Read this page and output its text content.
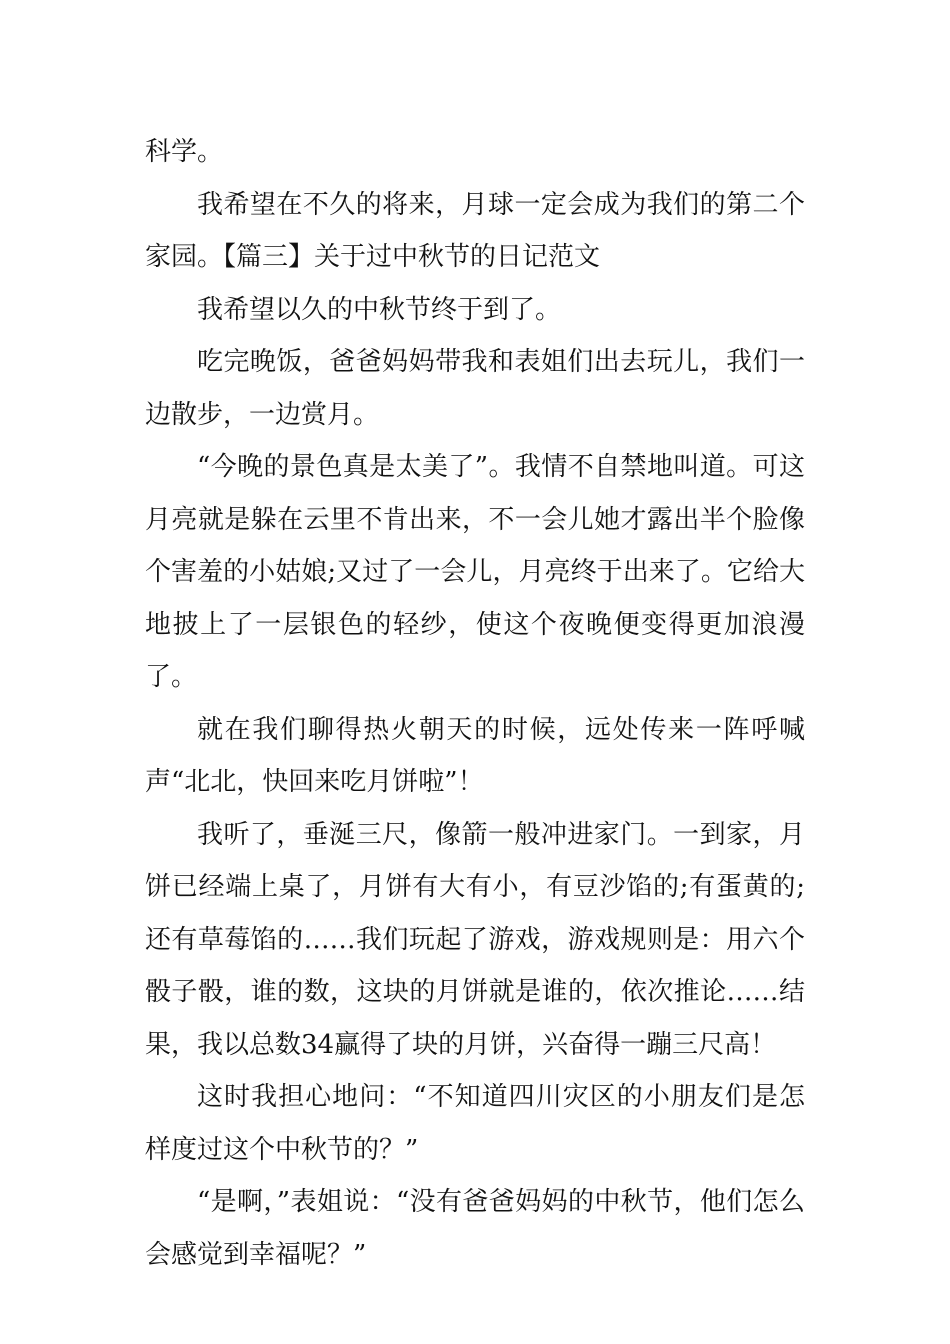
科学。

我希望在不久的将来，月球一定会成为我们的第二个家园。【篇三】关于过中秋节的日记范文

我希望以久的中秋节终于到了。

吃完晚饭，爸爸妈妈带我和表姐们出去玩儿，我们一边散步，一边赏月。

“今晚的景色真是太美了”。我情不自禁地叫道。可这月亮就是躲在云里不肯出来，不一会儿她才露出半个脸像个害羞的小姑娘;又过了一会儿，月亮终于出来了。它给大地披上了一层银色的轻纱，使这个夜晚便变得更加浪漫了。

就在我们聊得热火朝天的时候，远处传来一阵呼喊声“北北，快回来吃月饼啦”！

我听了，垂涎三尺，像箭一般冲进家门。一到家，月饼已经端上桌了，月饼有大有小，有豆沙馅的;有蛋黄的;还有草莓馅的……我们玩起了游戏，游戏规则是：用六个骰子骰，谁的数，这块的月饼就是谁的，依次推论……结果，我以总数34赢得了块的月饼，兴奋得一蹦三尺高！

这时我担心地问：“不知道四川灾区的小朋友们是怎样度过这个中秋节的？”

“是啊，”表姐说：“没有爸爸妈妈的中秋节，他们怎么会感觉到幸福呢？”
